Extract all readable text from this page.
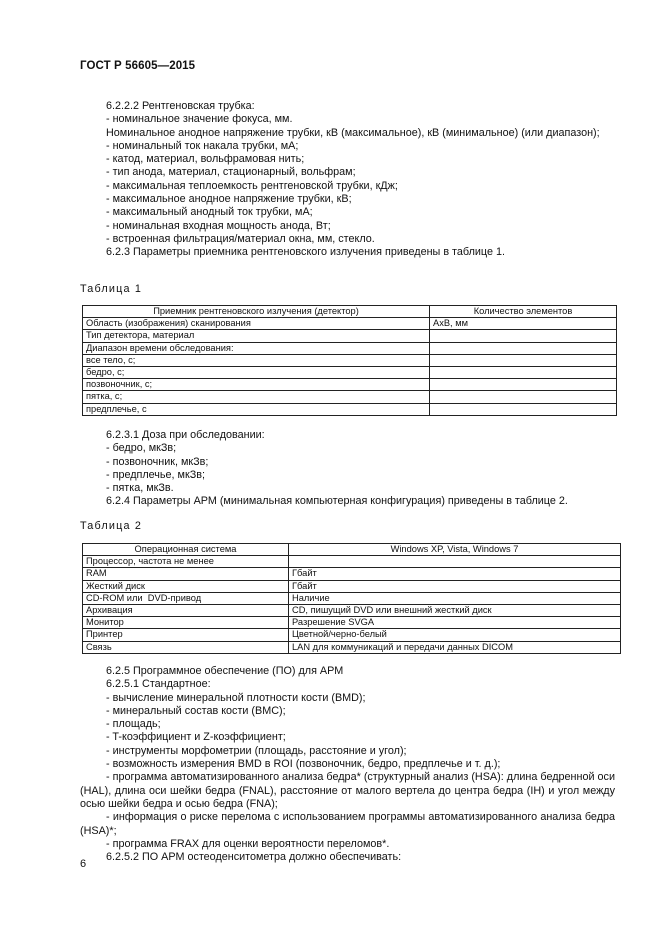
ГОСТ Р 56605—2015

6.2.2.2 Рентгеновская трубка:

- номинальное значение фокуса, мм.

Номинальное анодное напряжение трубки, кВ (максимальное), кВ (минимальное) (или диапазон);

- номинальный ток накала трубки, мА;

- катод, материал, вольфрамовая нить;

- тип анода, материал, стационарный, вольфрам;

- максимальная теплоемкость рентгеновской трубки, кДж;

- максимальное анодное напряжение трубки, кВ;

- максимальный анодный ток трубки, мА;

- номинальная входная мощность анода, Вт;

- встроенная фильтрация/материал окна, мм, стекло.

6.2.3 Параметры приемника рентгеновского излучения приведены в таблице 1.

Таблица 1
Приемник рентгеновского излучения (детектор)	Количество элементов
Область (изображения) сканирования	АхВ, мм
Тип детектора, материал	
Диапазон времени обследования:	
все тело, с;	
бедро, с;	
позвоночник, с;	
пятка, с;	
предплечье, с	

6.2.3.1 Доза при обследовании:

- бедро, мкЗв;

- позвоночник, мкЗв;

- предплечье, мкЗв;

- пятка, мкЗв.

6.2.4 Параметры АРМ (минимальная компьютерная конфигурация) приведены в таблице 2.

Таблица 2
Операционная система	Windows XP, Vista, Windows 7
Процессор, частота не менее	
RAM	Гбайт
Жесткий диск	Гбайт
CD-ROM или  DVD-привод	Наличие
Архивация	CD, пишущий DVD или внешний жесткий диск
Монитор	Разрешение SVGA
Принтер	Цветной/черно-белый
Связь	LAN для коммуникаций и передачи данных DICOM

6.2.5 Программное обеспечение (ПО) для АРМ

6.2.5.1 Стандартное:

- вычисление минеральной плотности кости (BMD);

- минеральный состав кости (BMC);

- площадь;

- T-коэффициент и Z-коэффициент;

- инструменты морфометрии (площадь, расстояние и угол);

- возможность измерения BMD в ROI (позвоночник, бедро, предплечье и т. д.);

- программа автоматизированного анализа бедра* (структурный анализ (HSA): длина бедренной оси (HAL), длина оси шейки бедра (FNAL), расстояние от малого вертела до центра бедра (IH) и угол между осью шейки бедра и осью бедра (FNA);

- информация о риске перелома с использованием программы автоматизированного анализа бедра (HSA)*;

- программа FRAX для оценки вероятности переломов*.

6.2.5.2 ПО АРМ остеоденситометра должно обеспечивать:

6
